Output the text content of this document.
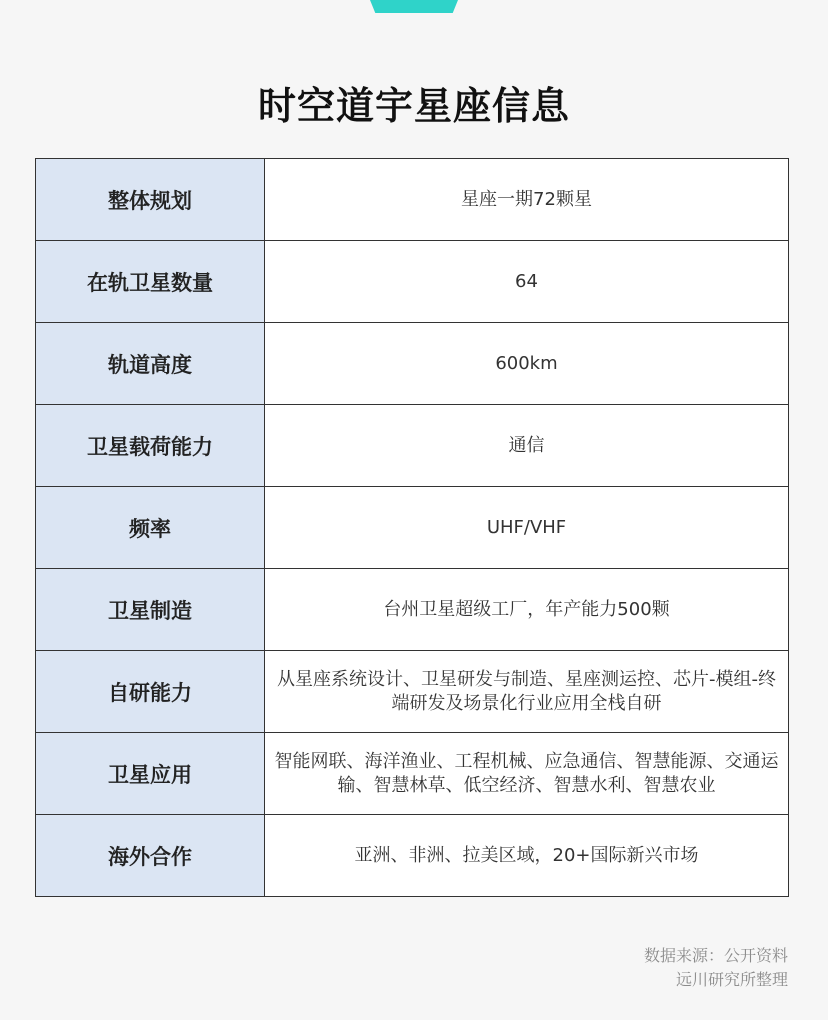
时空道宇星座信息
整体规划	星座一期72颗星
在轨卫星数量	64
轨道高度	600km
卫星载荷能力	通信
频率	UHF/VHF
卫星制造	台州卫星超级工厂，年产能力500颗
自研能力	从星座系统设计、卫星研发与制造、星座测运控、芯片-模组-终端研发及场景化行业应用全栈自研
卫星应用	智能网联、海洋渔业、工程机械、应急通信、智慧能源、交通运输、智慧林草、低空经济、智慧水利、智慧农业
海外合作	亚洲、非洲、拉美区域，20+国际新兴市场
数据来源：公开资料
远川研究所整理
